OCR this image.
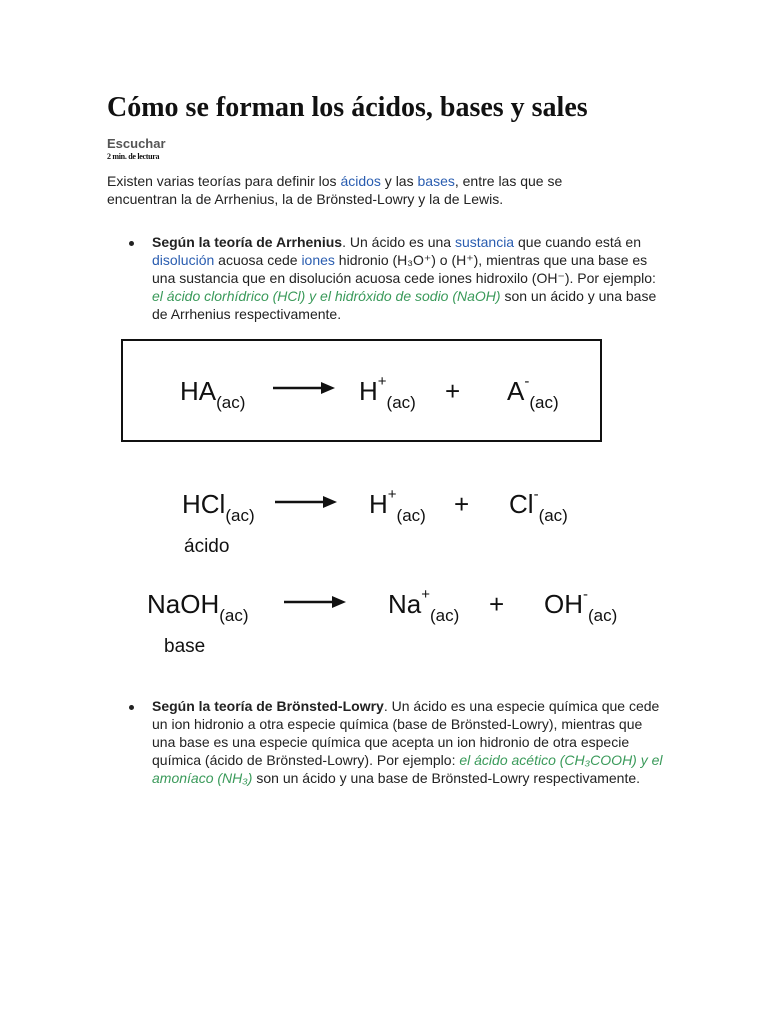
Cómo se forman los ácidos, bases y sales
Escuchar
2 min. de lectura

Existen varias teorías para definir los ácidos y las bases, entre las que se encuentran la de Arrhenius, la de Brönsted-Lowry y la de Lewis.

Según la teoría de Arrhenius. Un ácido es una sustancia que cuando está en disolución acuosa cede iones hidronio (H₃O⁺) o (H⁺), mientras que una base es una sustancia que en disolución acuosa cede iones hidroxilo (OH⁻). Por ejemplo: el ácido clorhídrico (HCl) y el hidróxido de sodio (NaOH) son un ácido y una base de Arrhenius respectivamente.

$HA_{(ac)}$	$H^+_{(ac)} + A^-_{(ac)}$
HCl$_{(ac)}$	$H^+_{(ac)} + Cl^-_{(ac)}$
ácido
NaOH$_{(ac)}$	$Na^+_{(ac)} + OH^-_{(ac)}$
base

Según la teoría de Brönsted-Lowry. Un ácido es una especie química que cede un ion hidronio a otra especie química (base de Brönsted-Lowry), mientras que una base es una especie química que acepta un ion hidronio de otra especie química (ácido de Brönsted-Lowry). Por ejemplo: el ácido acético (CH₃COOH) y el amoníaco (NH₃) son un ácido y una base de Brönsted-Lowry respectivamente.
